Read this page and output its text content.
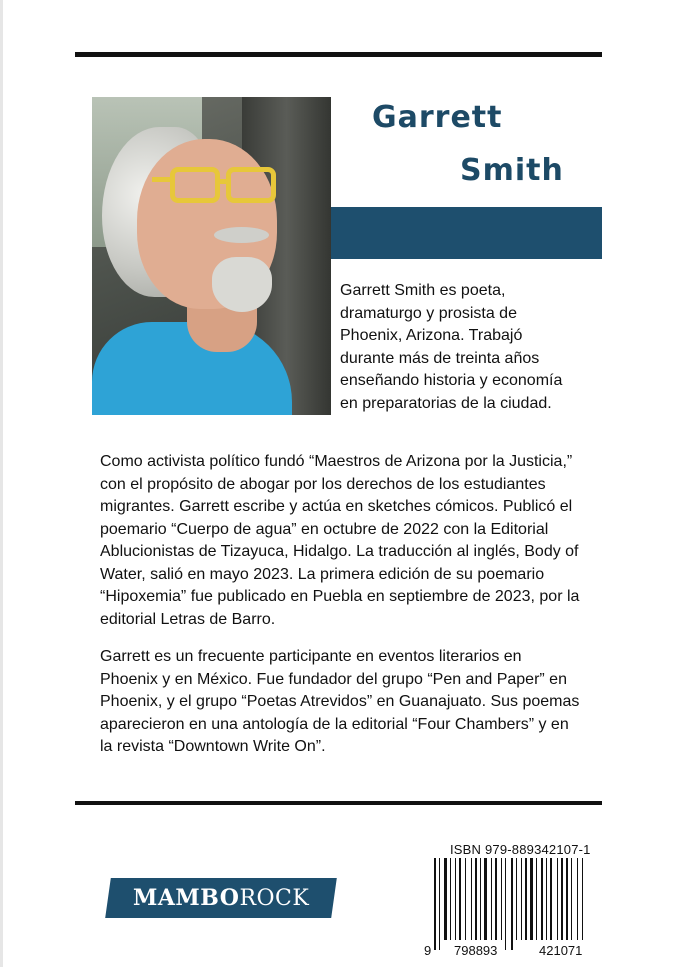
Garrett
Smith

Garrett Smith es poeta, dramaturgo y prosista de Phoenix, Arizona. Trabajó durante más de treinta años enseñando historia y economía en preparatorias de la ciudad.

Como activista político fundó “Maestros de Arizona por la Justicia,” con el propósito de abogar por los derechos de los estudiantes migrantes. Garrett escribe y actúa en sketches cómicos. Publicó el poemario “Cuerpo de agua” en octubre de 2022 con la Editorial Ablucionistas de Tizayuca, Hidalgo. La traducción al inglés, Body of Water, salió en mayo 2023. La primera edición de su poemario “Hipoxemia” fue publicado en Puebla en septiembre de 2023, por la editorial Letras de Barro.

Garrett es un frecuente participante en eventos literarios en Phoenix y en México. Fue fundador del grupo “Pen and Paper” en Phoenix, y el grupo “Poetas Atrevidos” en Guanajuato. Sus poemas aparecieron en una antología de la editorial “Four Chambers” y en la revista “Downtown Write On”.

MAMBOROCK
ISBN 979-889342107-1
9 798893	421071
